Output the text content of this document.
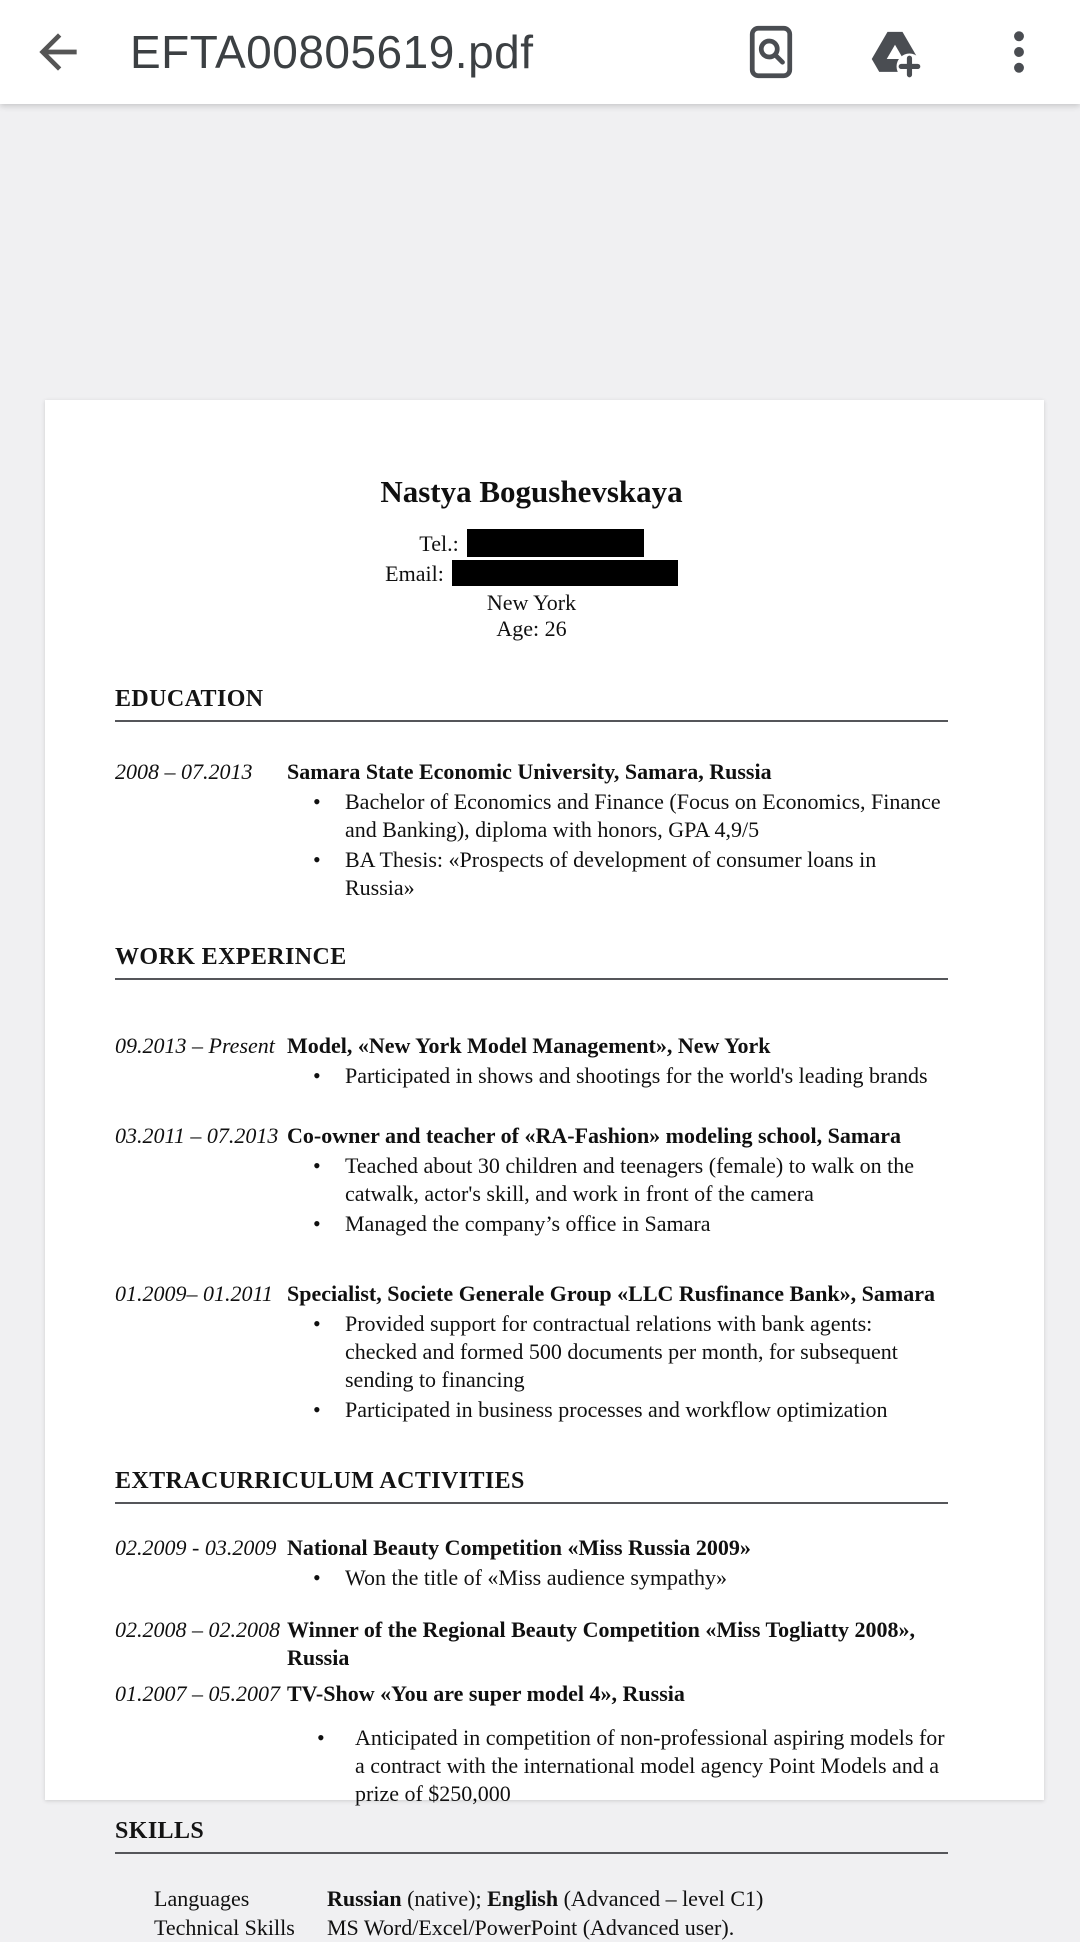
EFTA00805619.pdf
Nastya Bogushevskaya
Tel.:
Email:
New York
Age: 26
EDUCATION
2008 – 07.2013	Samara State Economic University, Samara, Russia
• Bachelor of Economics and Finance (Focus on Economics, Finance and Banking), diploma with honors, GPA 4,9/5
• BA Thesis: «Prospects of development of consumer loans in Russia»
WORK EXPERINCE
09.2013 – Present Model, «New York Model Management», New York
• Participated in shows and shootings for the world's leading brands
03.2011 – 07.2013 Co-owner and teacher of «RA-Fashion» modeling school, Samara
• Teached about 30 children and teenagers (female) to walk on the catwalk, actor's skill, and work in front of the camera
• Managed the company’s office in Samara
01.2009– 01.2011 Specialist, Societe Generale Group «LLC Rusfinance Bank», Samara
• Provided support for contractual relations with bank agents: checked and formed 500 documents per month, for subsequent sending to financing
• Participated in business processes and workflow optimization
EXTRACURRICULUM ACTIVITIES
02.2009 - 03.2009 National Beauty Competition «Miss Russia 2009»
• Won the title of «Miss audience sympathy»
02.2008 – 02.2008 Winner of the Regional Beauty Competition «Miss Togliatty 2008», Russia
01.2007 – 05.2007 TV-Show «You are super model 4», Russia
• Anticipated in competition of non-professional aspiring models for a contract with the international model agency Point Models and a prize of $250,000
SKILLS
Languages	Russian (native); English (Advanced – level C1)
Technical Skills	MS Word/Excel/PowerPoint (Advanced user).
